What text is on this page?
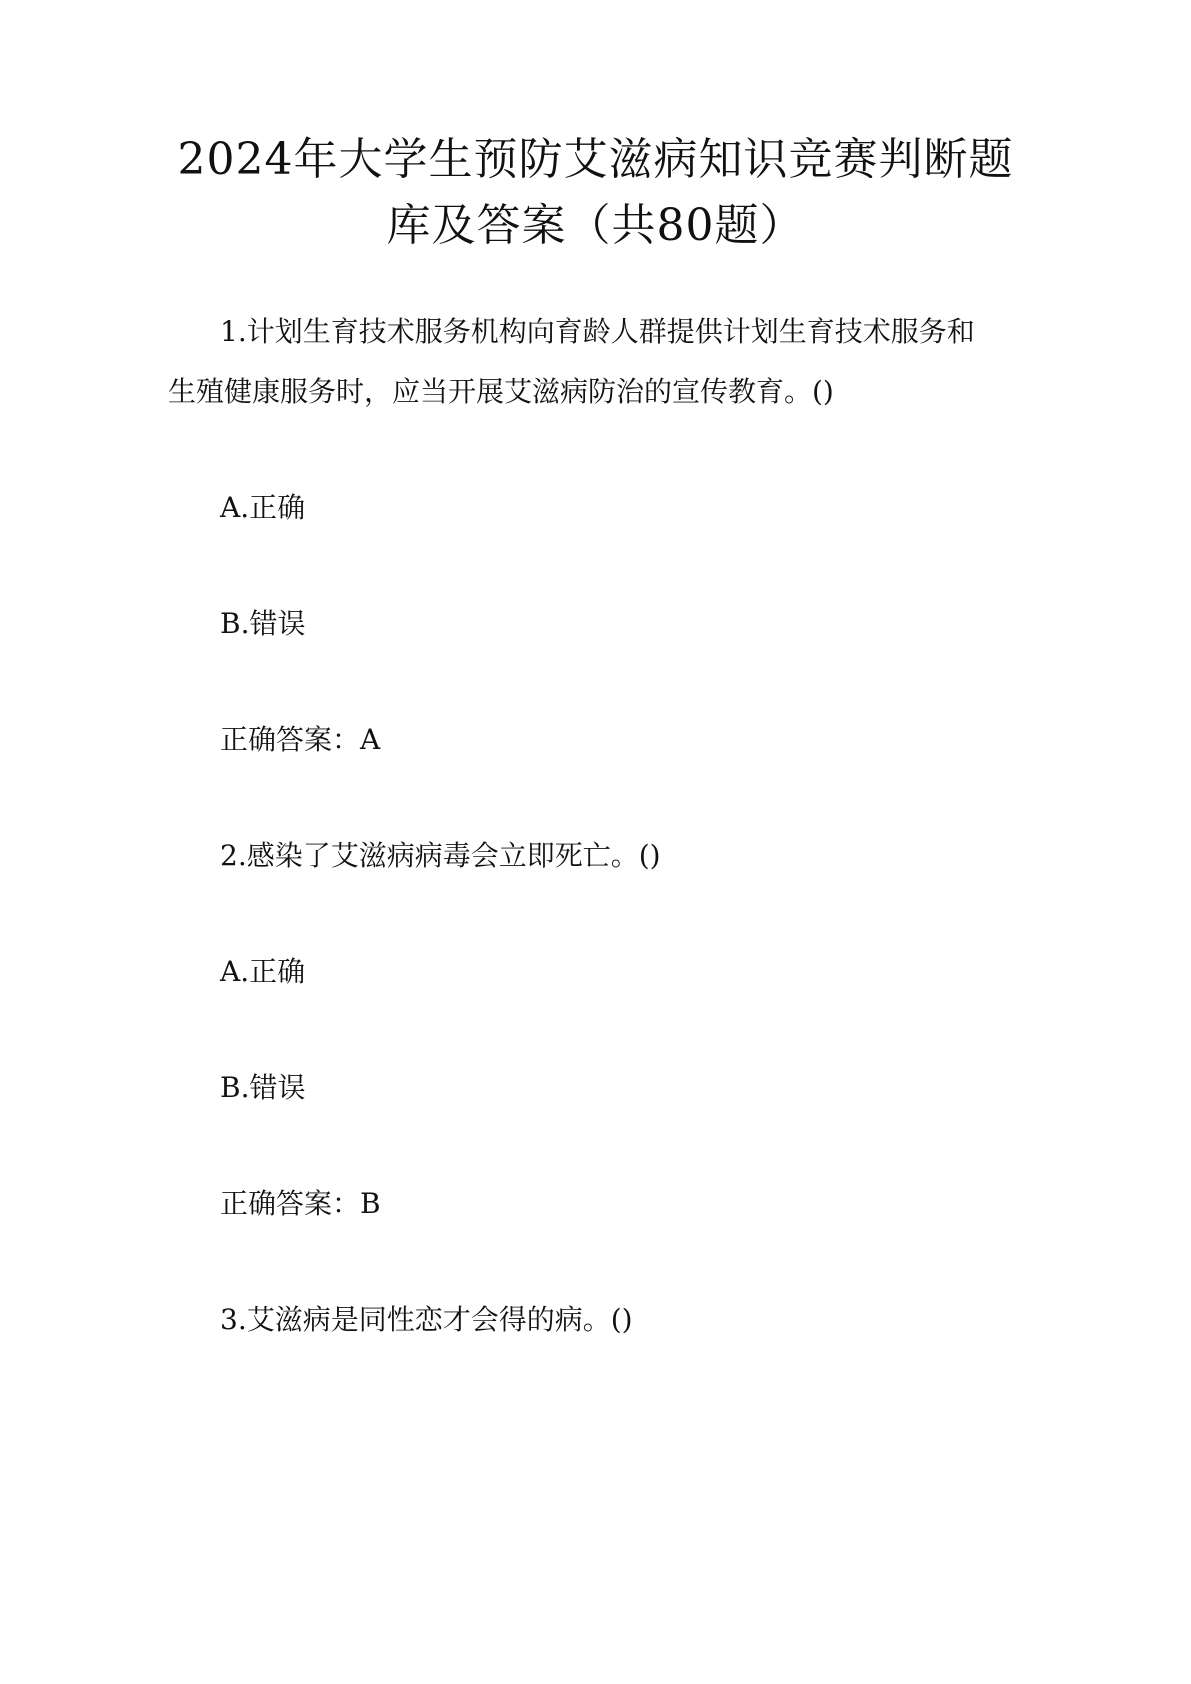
2024年大学生预防艾滋病知识竞赛判断题
库及答案（共80题）
1.计划生育技术服务机构向育龄人群提供计划生育技术服务和
生殖健康服务时，应当开展艾滋病防治的宣传教育。()
A.正确
B.错误
正确答案：A
2.感染了艾滋病病毒会立即死亡。()
A.正确
B.错误
正确答案：B
3.艾滋病是同性恋才会得的病。()
